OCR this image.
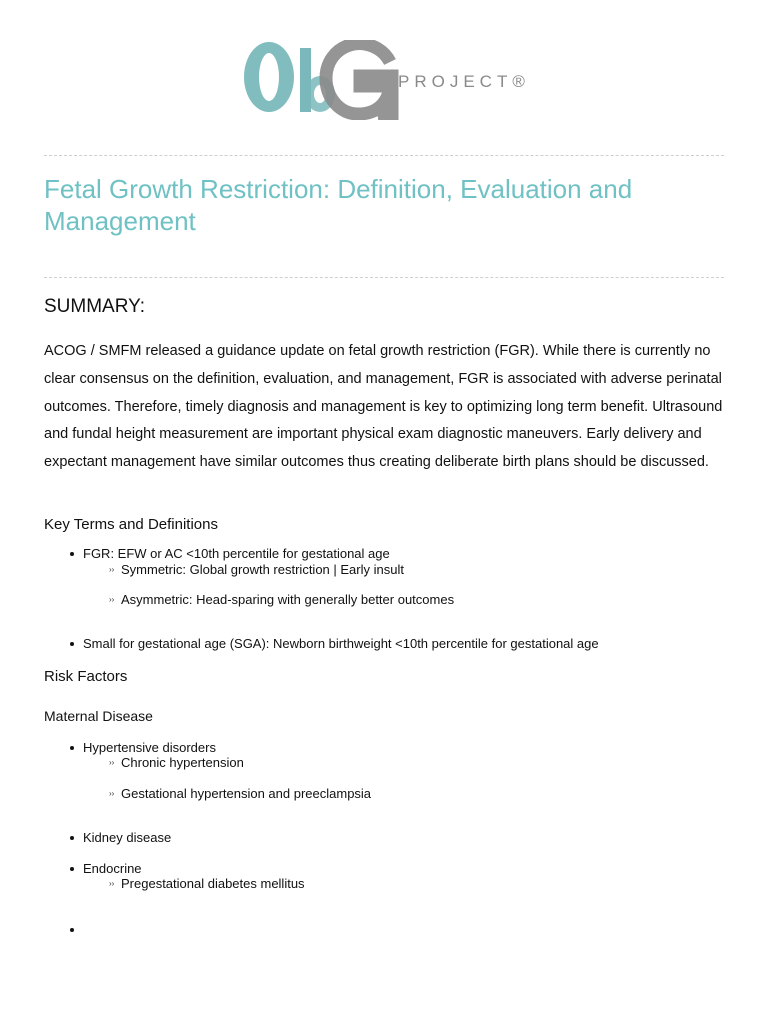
PROJECT®
Fetal Growth Restriction: Definition, Evaluation and Management
SUMMARY:

ACOG / SMFM released a guidance update on fetal growth restriction (FGR). While there is currently no clear consensus on the definition, evaluation, and management, FGR is associated with adverse perinatal outcomes. Therefore, timely diagnosis and management is key to optimizing long term benefit. Ultrasound and fundal height measurement are important physical exam diagnostic maneuvers. Early delivery and expectant management have similar outcomes thus creating deliberate birth plans should be discussed.

Key Terms and Definitions
FGR: EFW or AC <10th percentile for gestational age
›› Symmetric: Global growth restriction | Early insult
›› Asymmetric: Head-sparing with generally better outcomes
Small for gestational age (SGA): Newborn birthweight <10th percentile for gestational age
Risk Factors
Maternal Disease
Hypertensive disorders
›› Chronic hypertension
›› Gestational hypertension and preeclampsia
Kidney disease
Endocrine
›› Pregestational diabetes mellitus
